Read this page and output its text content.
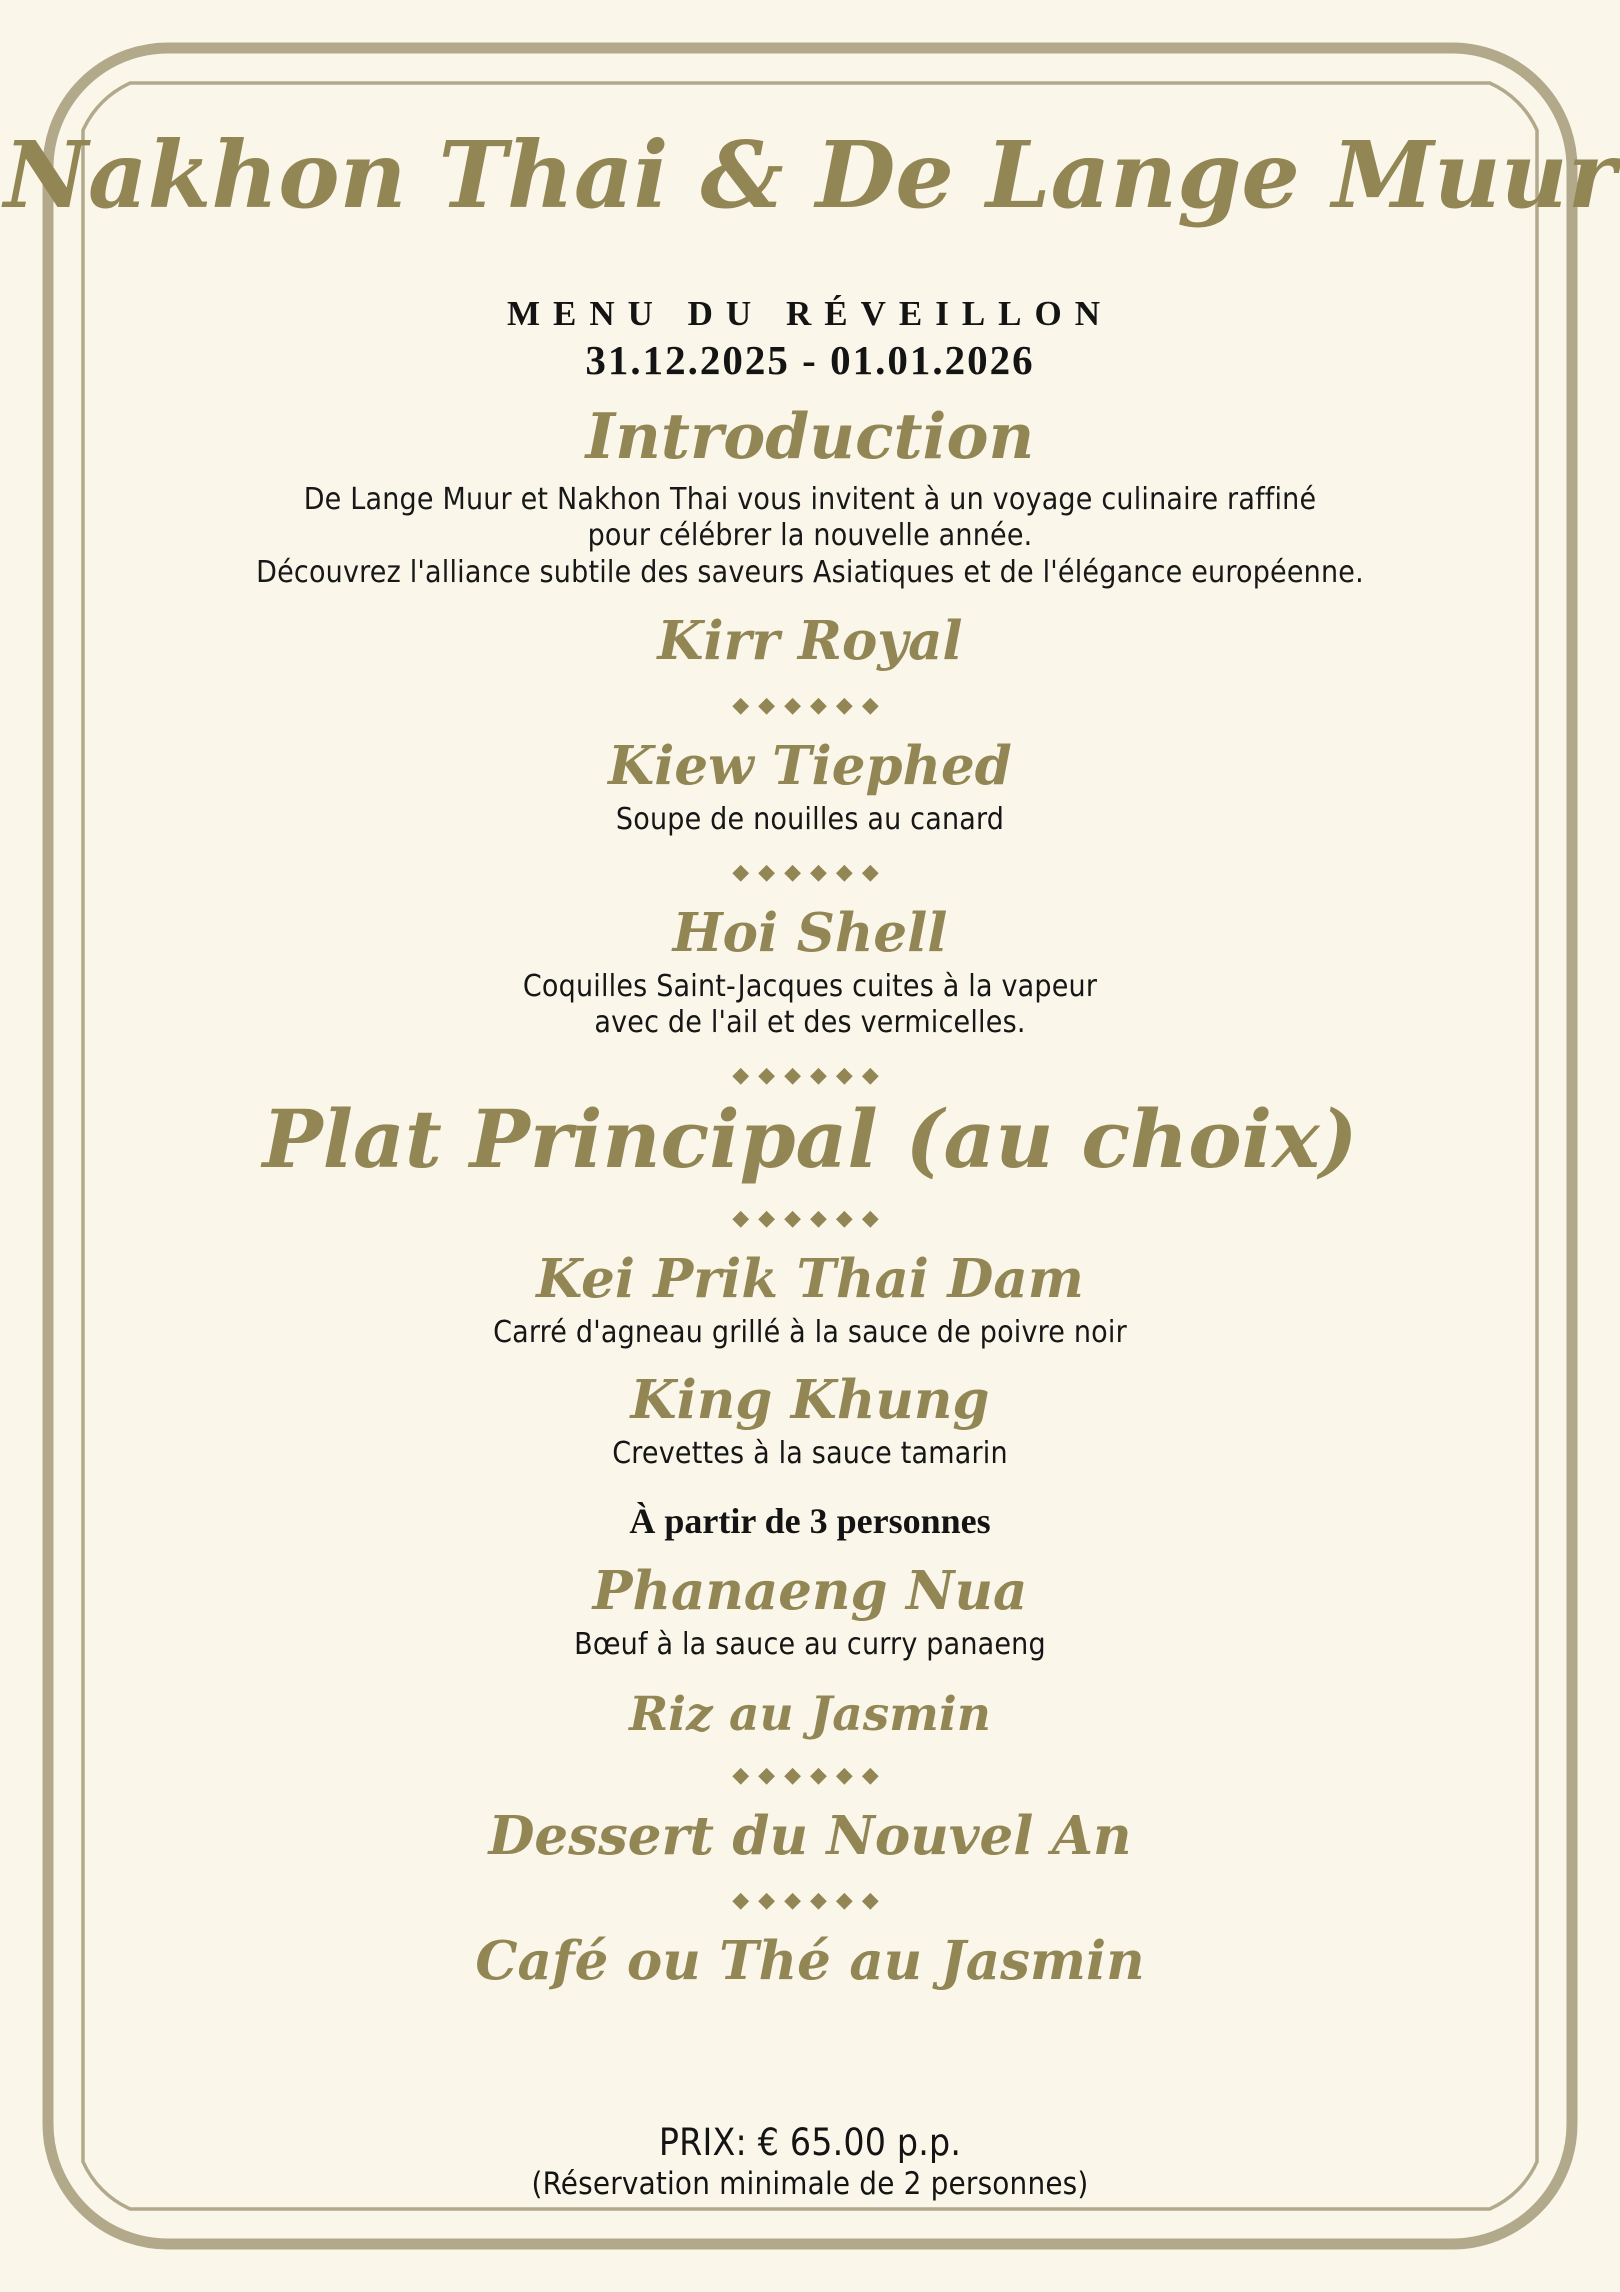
Nakhon Thai & De Lange Muur
MENU DU RÉVEILLON
31.12.2025 - 01.01.2026
Introduction
De Lange Muur et Nakhon Thai vous invitent à un voyage culinaire raffiné
pour célébrer la nouvelle année.
Découvrez l'alliance subtile des saveurs Asiatiques et de l'élégance européenne.
Kirr Royal
◆◆◆◆◆◆
Kiew Tiephed
Soupe de nouilles au canard
◆◆◆◆◆◆
Hoi Shell
Coquilles Saint-Jacques cuites à la vapeur
avec de l'ail et des vermicelles.
◆◆◆◆◆◆
Plat Principal (au choix)
◆◆◆◆◆◆
Kei Prik Thai Dam
Carré d'agneau grillé à la sauce de poivre noir
King Khung
Crevettes à la sauce tamarin
À partir de 3 personnes
Phanaeng Nua
Bœuf à la sauce au curry panaeng
Riz au Jasmin
◆◆◆◆◆◆
Dessert du Nouvel An
◆◆◆◆◆◆
Café ou Thé au Jasmin
PRIX: € 65.00 p.p.
(Réservation minimale de 2 personnes)
